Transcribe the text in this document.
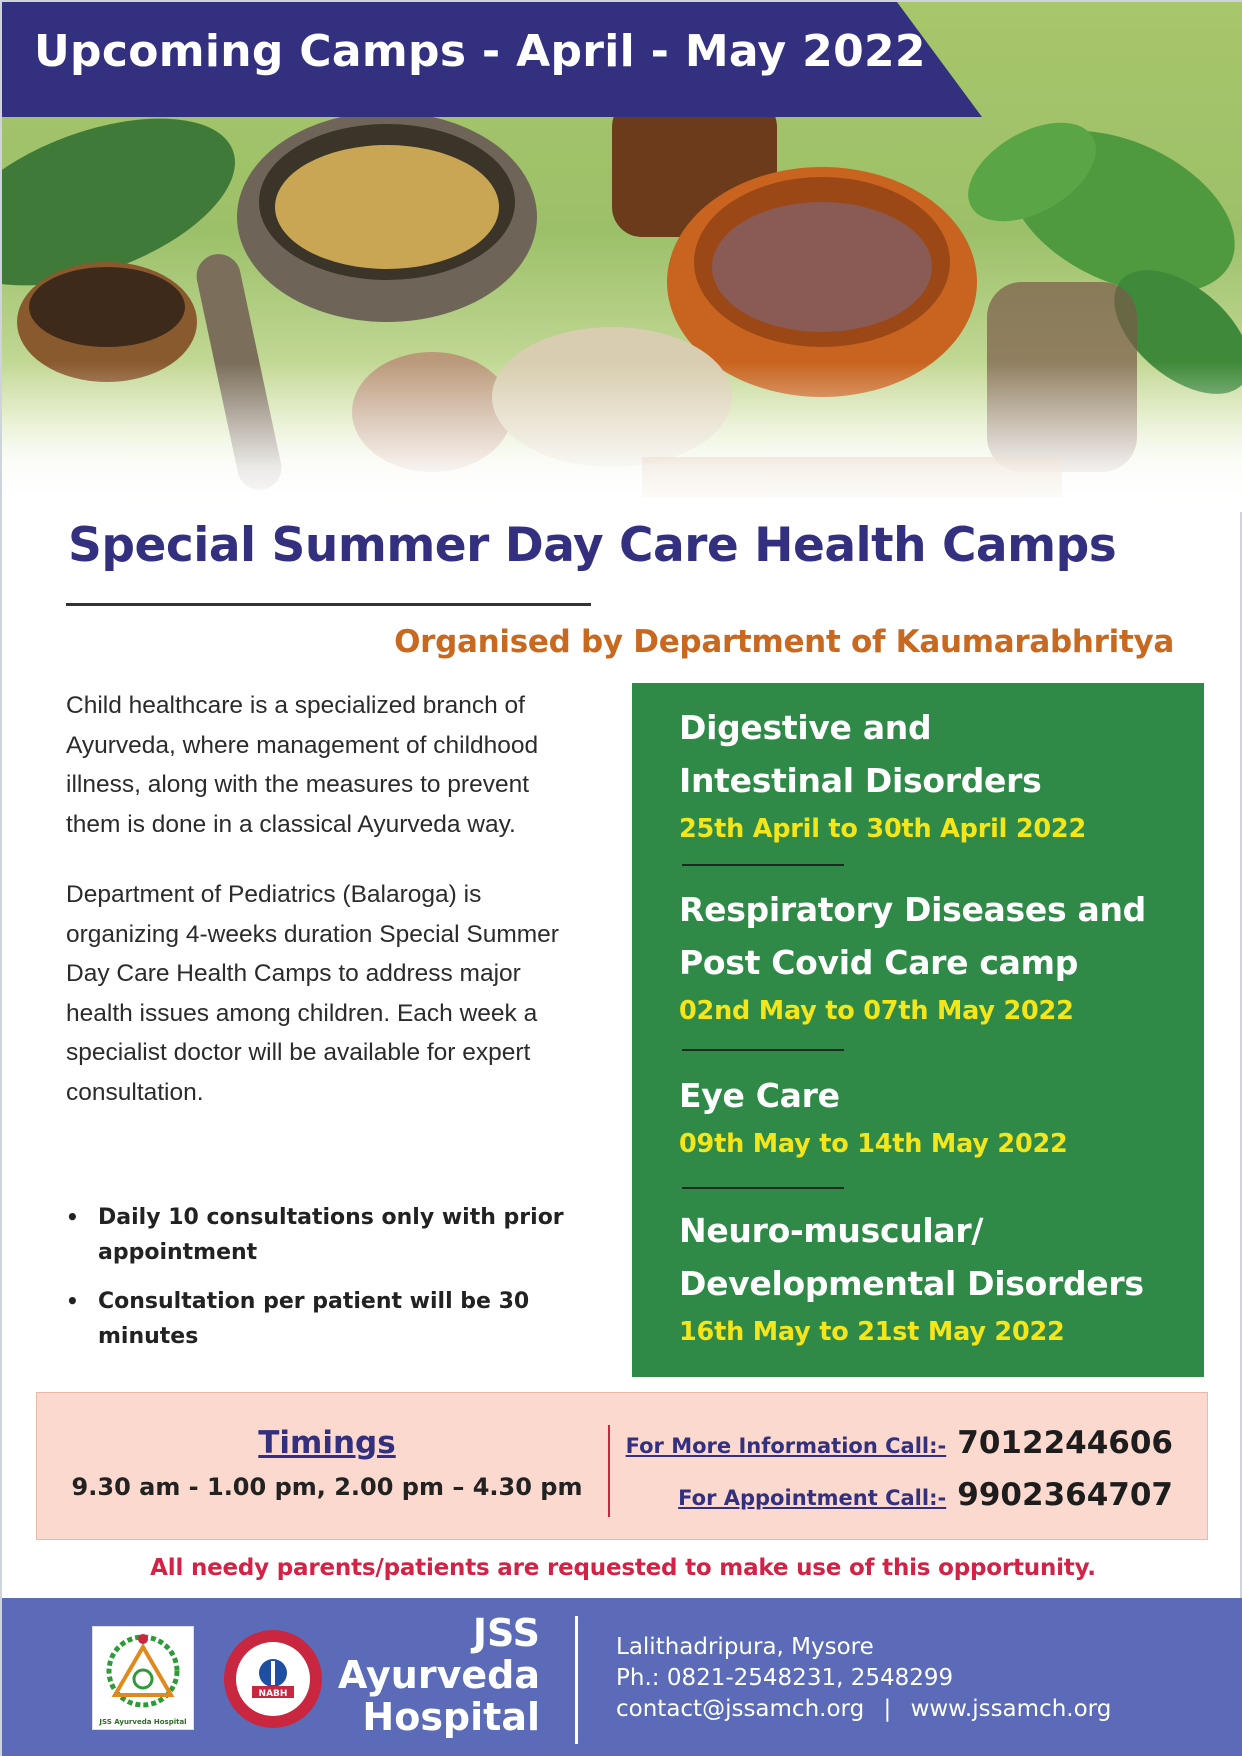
Upcoming Camps - April - May 2022
Special Summer Day Care Health Camps
Organised by Department of Kaumarabhritya

Child healthcare is a specialized branch of Ayurveda, where management of childhood illness, along with the measures to prevent them is done in a classical Ayurveda way.

Department of Pediatrics (Balaroga) is organizing 4-weeks duration Special Summer Day Care Health Camps to address major health issues among children. Each week a specialist doctor will be available for expert consultation.

• Daily 10 consultations only with prior appointment
• Consultation per patient will be 30 minutes
Digestive and
Intestinal Disorders
25th April to 30th April 2022
Respiratory Diseases and
Post Covid Care camp
02nd May to 07th May 2022
Eye Care
09th May to 14th May 2022
Neuro-muscular/
Developmental Disorders
16th May to 21st May 2022
Timings
9.30 am - 1.00 pm, 2.00 pm – 4.30 pm
For More Information Call:- 7012244606
For Appointment Call:- 9902364707
All needy parents/patients are requested to make use of this opportunity.
JSS Ayurveda Hospital
NABH
JSS
Ayurveda
Hospital
Lalithadripura, Mysore
Ph.: 0821-2548231, 2548299
contact@jssamch.org | www.jssamch.org
